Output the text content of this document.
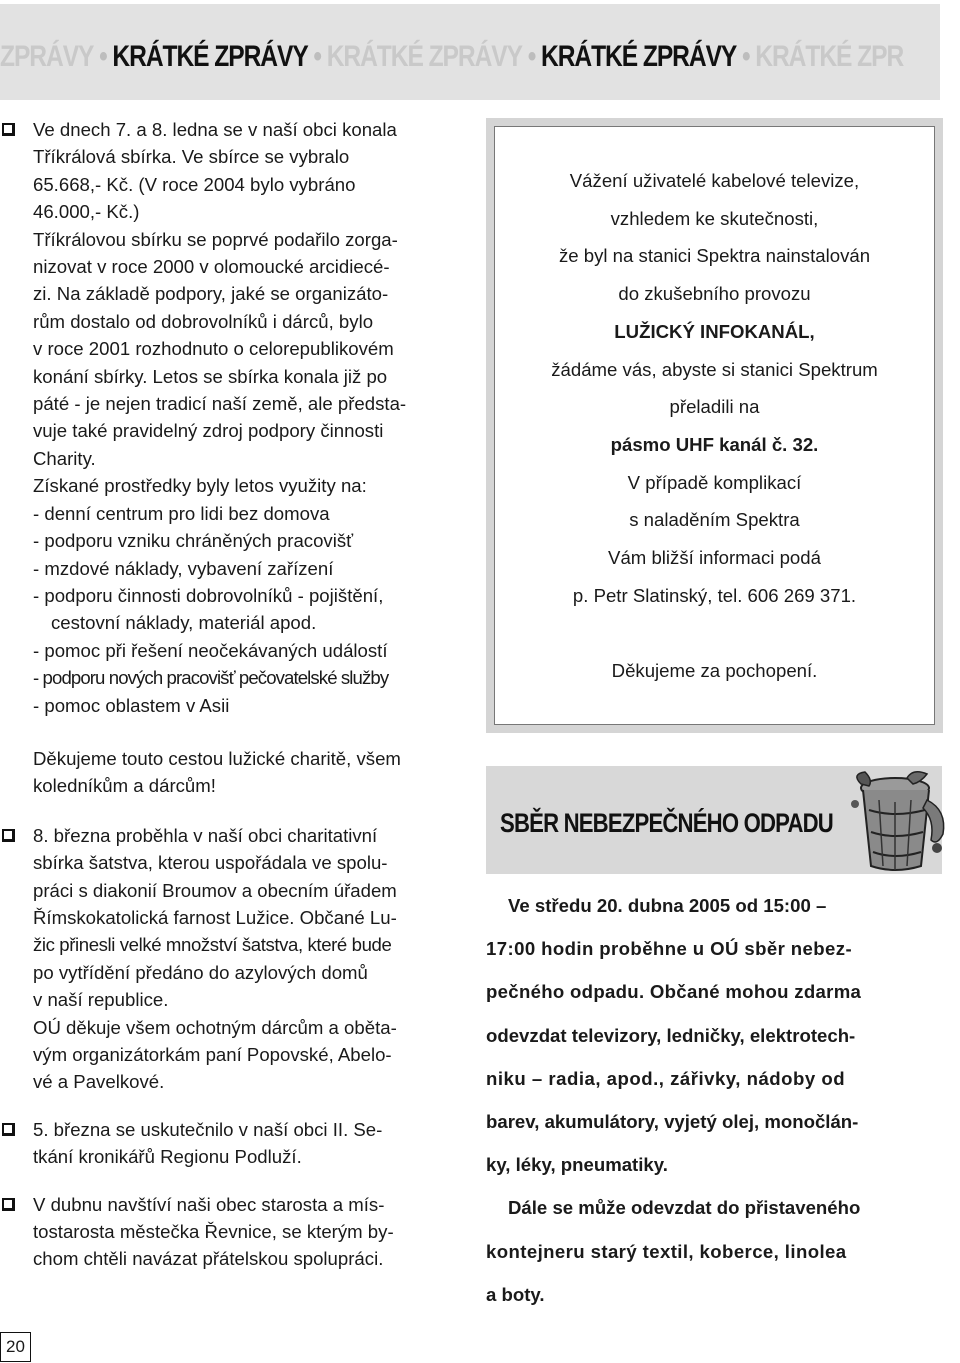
ZPRÁVY • KRÁTKÉ ZPRÁVY • KRÁTKÉ ZPRÁVY • KRÁTKÉ ZPRÁVY • KRÁTKÉ ZPR
Ve dnech 7. a 8. ledna se v naší obci konala
Tříkrálová sbírka. Ve sbírce se vybralo
65.668,- Kč. (V roce 2004 bylo vybráno
46.000,- Kč.)
Tříkrálovou sbírku se poprvé podařilo zorga-
nizovat v roce 2000 v olomoucké arcidiecé-
zi. Na základě podpory, jaké se organizáto-
rům dostalo od dobrovolníků i dárců, bylo
v roce 2001 rozhodnuto o celorepublikovém
konání sbírky. Letos se sbírka konala již po
páté - je nejen tradicí naší země, ale předsta-
vuje také pravidelný zdroj podpory činnosti
Charity.
Získané prostředky byly letos využity na:
- denní centrum pro lidi bez domova
- podporu vzniku chráněných pracovišť
- mzdové náklady, vybavení zařízení
- podporu činnosti dobrovolníků - pojištění,
cestovní náklady, materiál apod.
- pomoc při řešení neočekávaných událostí
- podporu nových pracovišť pečovatelské služby
- pomoc oblastem v Asii
Děkujeme touto cestou lužické charitě, všem
koledníkům a dárcům!
8. března proběhla v naší obci charitativní
sbírka šatstva, kterou uspořádala ve spolu-
práci s diakonií Broumov a obecním úřadem
Římskokatolická farnost Lužice. Občané Lu-
žic přinesli velké množství šatstva, které bude
po vytřídění předáno do azylových domů
v naší republice.
OÚ děkuje všem ochotným dárcům a oběta-
vým organizátorkám paní Popovské, Abelo-
vé a Pavelkové.
5. března se uskutečnilo v naší obci II. Se-
tkání kronikářů Regionu Podluží.
V dubnu navštíví naši obec starosta a mís-
tostarosta městečka Řevnice, se kterým by-
chom chtěli navázat přátelskou spolupráci.
20
Vážení uživatelé kabelové televize,
vzhledem ke skutečnosti,
že byl na stanici Spektra nainstalován
do zkušebního provozu
LUŽICKÝ INFOKANÁL,
žádáme vás, abyste si stanici Spektrum
přeladili na
pásmo UHF kanál č. 32.
V případě komplikací
s naladěním Spektra
Vám bližší informaci podá
p. Petr Slatinský, tel. 606 269 371.
Děkujeme za pochopení.
SBĚR NEBEZPEČNÉHO ODPADU
Ve středu 20. dubna 2005 od 15:00 –
17:00 hodin proběhne u OÚ sběr nebez-
pečného odpadu. Občané mohou zdarma
odevzdat televizory, ledničky, elektrotech-
niku – radia, apod., zářivky, nádoby od
barev, akumulátory, vyjetý olej, monočlán-
ky, léky, pneumatiky.
Dále se může odevzdat do přistaveného
kontejneru starý textil, koberce, linolea
a boty.
